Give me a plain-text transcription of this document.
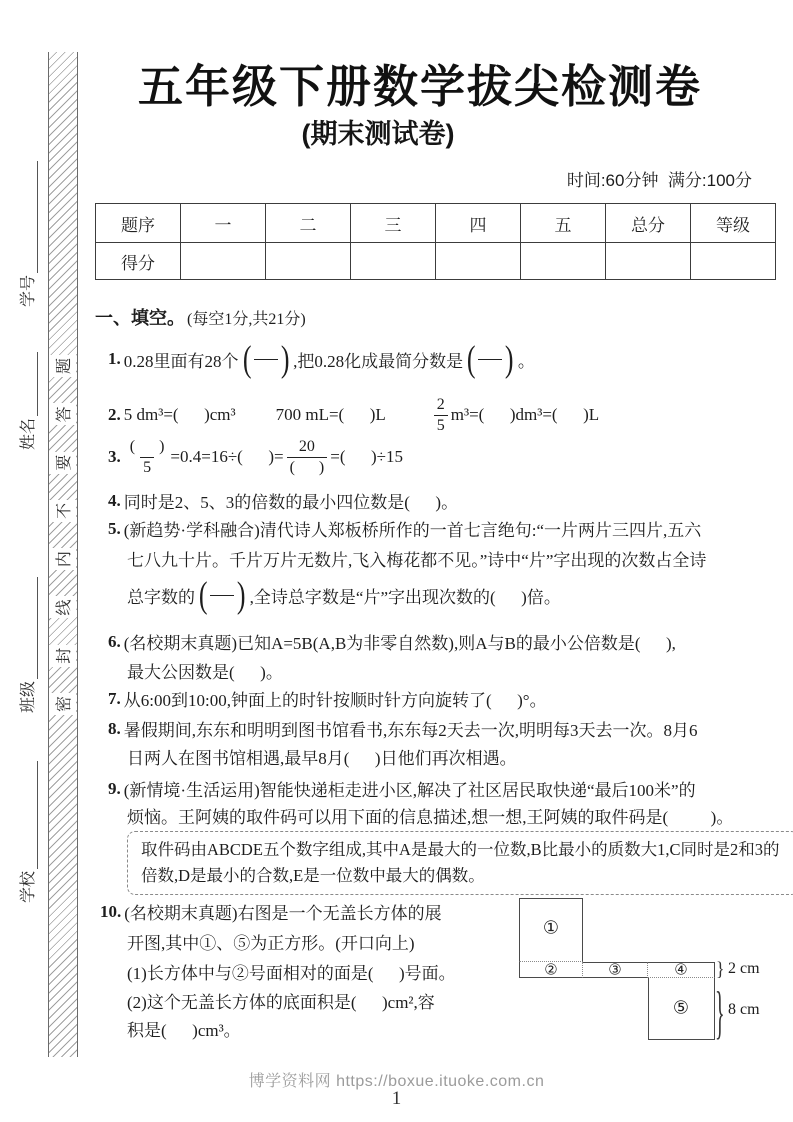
密
封
线
内
不
要
答
题
学号
姓名
班级
学校
五年级下册数学拔尖检测卷
(期末测试卷)
时间:60分钟  满分:100分
题序	一	二	三	四	五	总分	等级
得分							
一、填空。 (每空1分,共21分)
1. 0.28里面有28个 ( ) ,把0.28化成最简分数是 ( ) 。
2. 5 dm³=(      )cm³ 700 mL=(      )L	$\frac{2}{5} m^3=$(      )dm³=(      )L
3. $\frac{( )}{5} =0.4=16\div$(      )= $\frac{20}{( )}$ =(      )÷15
4. 同时是2、5、3的倍数的最小四位数是(      )。
5. (新趋势·学科融合)清代诗人郑板桥所作的一首七言绝句:“一片两片三四片,五六
七八九十片。千片万片无数片,飞入梅花都不见。”诗中“片”字出现的次数占全诗
总字数的 ( ) ,全诗总字数是“片”字出现次数的(      )倍。
6. (名校期末真题)已知A=5B(A,B为非零自然数),则A与B的最小公倍数是(      ),
最大公因数是(      )。
7. 从6:00到10:00,钟面上的时针按顺时针方向旋转了(      )°。
8. 暑假期间,东东和明明到图书馆看书,东东每2天去一次,明明每3天去一次。8月6
日两人在图书馆相遇,最早8月(      )日他们再次相遇。
9. (新情境·生活运用)智能快递柜走进小区,解决了社区居民取快递“最后100米”的
烦恼。王阿姨的取件码可以用下面的信息描述,想一想,王阿姨的取件码是(          )。
取件码由ABCDE五个数字组成,其中A是最大的一位数,B比最小的质数大1,C同时是2和3的倍数,D是最小的合数,E是一位数中最大的偶数。
10. (名校期末真题)右图是一个无盖长方体的展
开图,其中①、⑤为正方形。(开口向上)
(1)长方体中与②号面相对的面是(      )号面。
(2)这个无盖长方体的底面积是(      )cm²,容
积是(      )cm³。
①
②	③	④
⑤
}
}
2 cm
8 cm
博学资料网 https://boxue.ituoke.com.cn
1
